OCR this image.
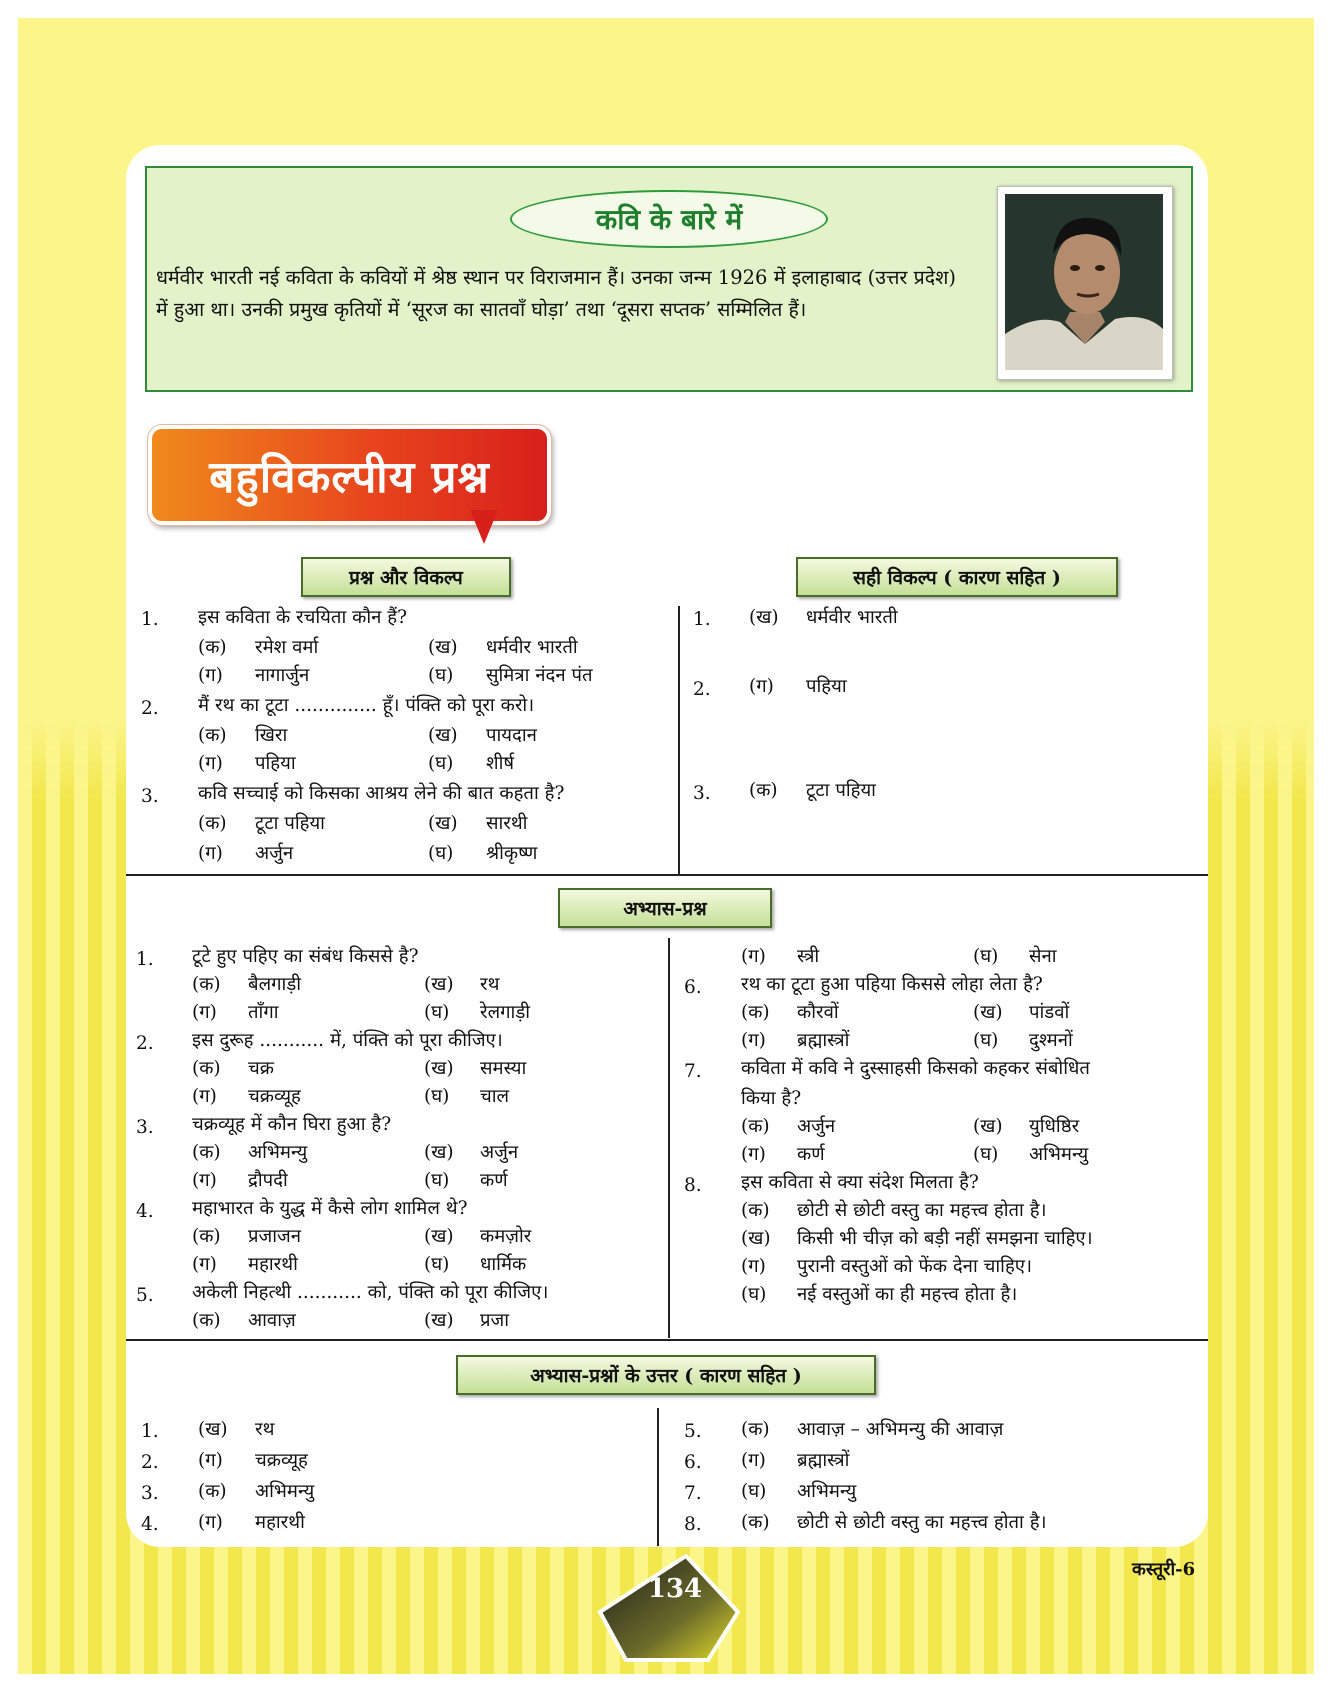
कवि के बारे में
धर्मवीर भारती नई कविता के कवियों में श्रेष्ठ स्थान पर विराजमान हैं। उनका जन्म 1926 में इलाहाबाद (उत्तर प्रदेश) में हुआ था। उनकी प्रमुख कृतियों में ‘सूरज का सातवाँ घोड़ा’ तथा ‘दूसरा सप्तक’ सम्मिलित हैं।
बहुविकल्पीय प्रश्न
प्रश्न और विकल्प	सही विकल्प ( कारण सहित )
1. इस कविता के रचयिता कौन हैं?
(क) रमेश वर्मा	(ख) धर्मवीर भारती
(ग) नागार्जुन	(घ) सुमित्रा नंदन पंत
2. मैं रथ का टूटा .............. हूँ। पंक्ति को पूरा करो।
(क) खिरा	(ख) पायदान
(ग) पहिया	(घ) शीर्ष
3. कवि सच्चाई को किसका आश्रय लेने की बात कहता है?
(क) टूटा पहिया	(ख) सारथी
(ग) अर्जुन	(घ) श्रीकृष्ण
1. (ख) धर्मवीर भारती
2. (ग) पहिया
3. (क) टूटा पहिया
अभ्यास-प्रश्न
1. टूटे हुए पहिए का संबंध किससे है?
(क) बैलगाड़ी	(ख) रथ
(ग) ताँगा	(घ) रेलगाड़ी
2. इस दुरूह ........... में, पंक्ति को पूरा कीजिए।
(क) चक्र	(ख) समस्या
(ग) चक्रव्यूह	(घ) चाल
3. चक्रव्यूह में कौन घिरा हुआ है?
(क) अभिमन्यु	(ख) अर्जुन
(ग) द्रौपदी	(घ) कर्ण
4. महाभारत के युद्ध में कैसे लोग शामिल थे?
(क) प्रजाजन	(ख) कमज़ोर
(ग) महारथी	(घ) धार्मिक
5. अकेली निहत्थी ........... को, पंक्ति को पूरा कीजिए।
(क) आवाज़	(ख) प्रजा
(ग) स्त्री	(घ) सेना
6. रथ का टूटा हुआ पहिया किससे लोहा लेता है?
(क) कौरवों	(ख) पांडवों
(ग) ब्रह्मास्त्रों	(घ) दुश्मनों
7. कविता में कवि ने दुस्साहसी किसको कहकर संबोधित
किया है?
(क) अर्जुन	(ख) युधिष्ठिर
(ग) कर्ण	(घ) अभिमन्यु
8. इस कविता से क्या संदेश मिलता है?
(क) छोटी से छोटी वस्तु का महत्त्व होता है।
(ख) किसी भी चीज़ को बड़ी नहीं समझना चाहिए।
(ग) पुरानी वस्तुओं को फेंक देना चाहिए।
(घ) नई वस्तुओं का ही महत्त्व होता है।
अभ्यास-प्रश्नों के उत्तर ( कारण सहित )
1. (ख) रथ
2. (ग) चक्रव्यूह
3. (क) अभिमन्यु
4. (ग) महारथी
5. (क) आवाज़ – अभिमन्यु की आवाज़
6. (ग) ब्रह्मास्त्रों
7. (घ) अभिमन्यु
8. (क) छोटी से छोटी वस्तु का महत्त्व होता है।
134
कस्तूरी-6
